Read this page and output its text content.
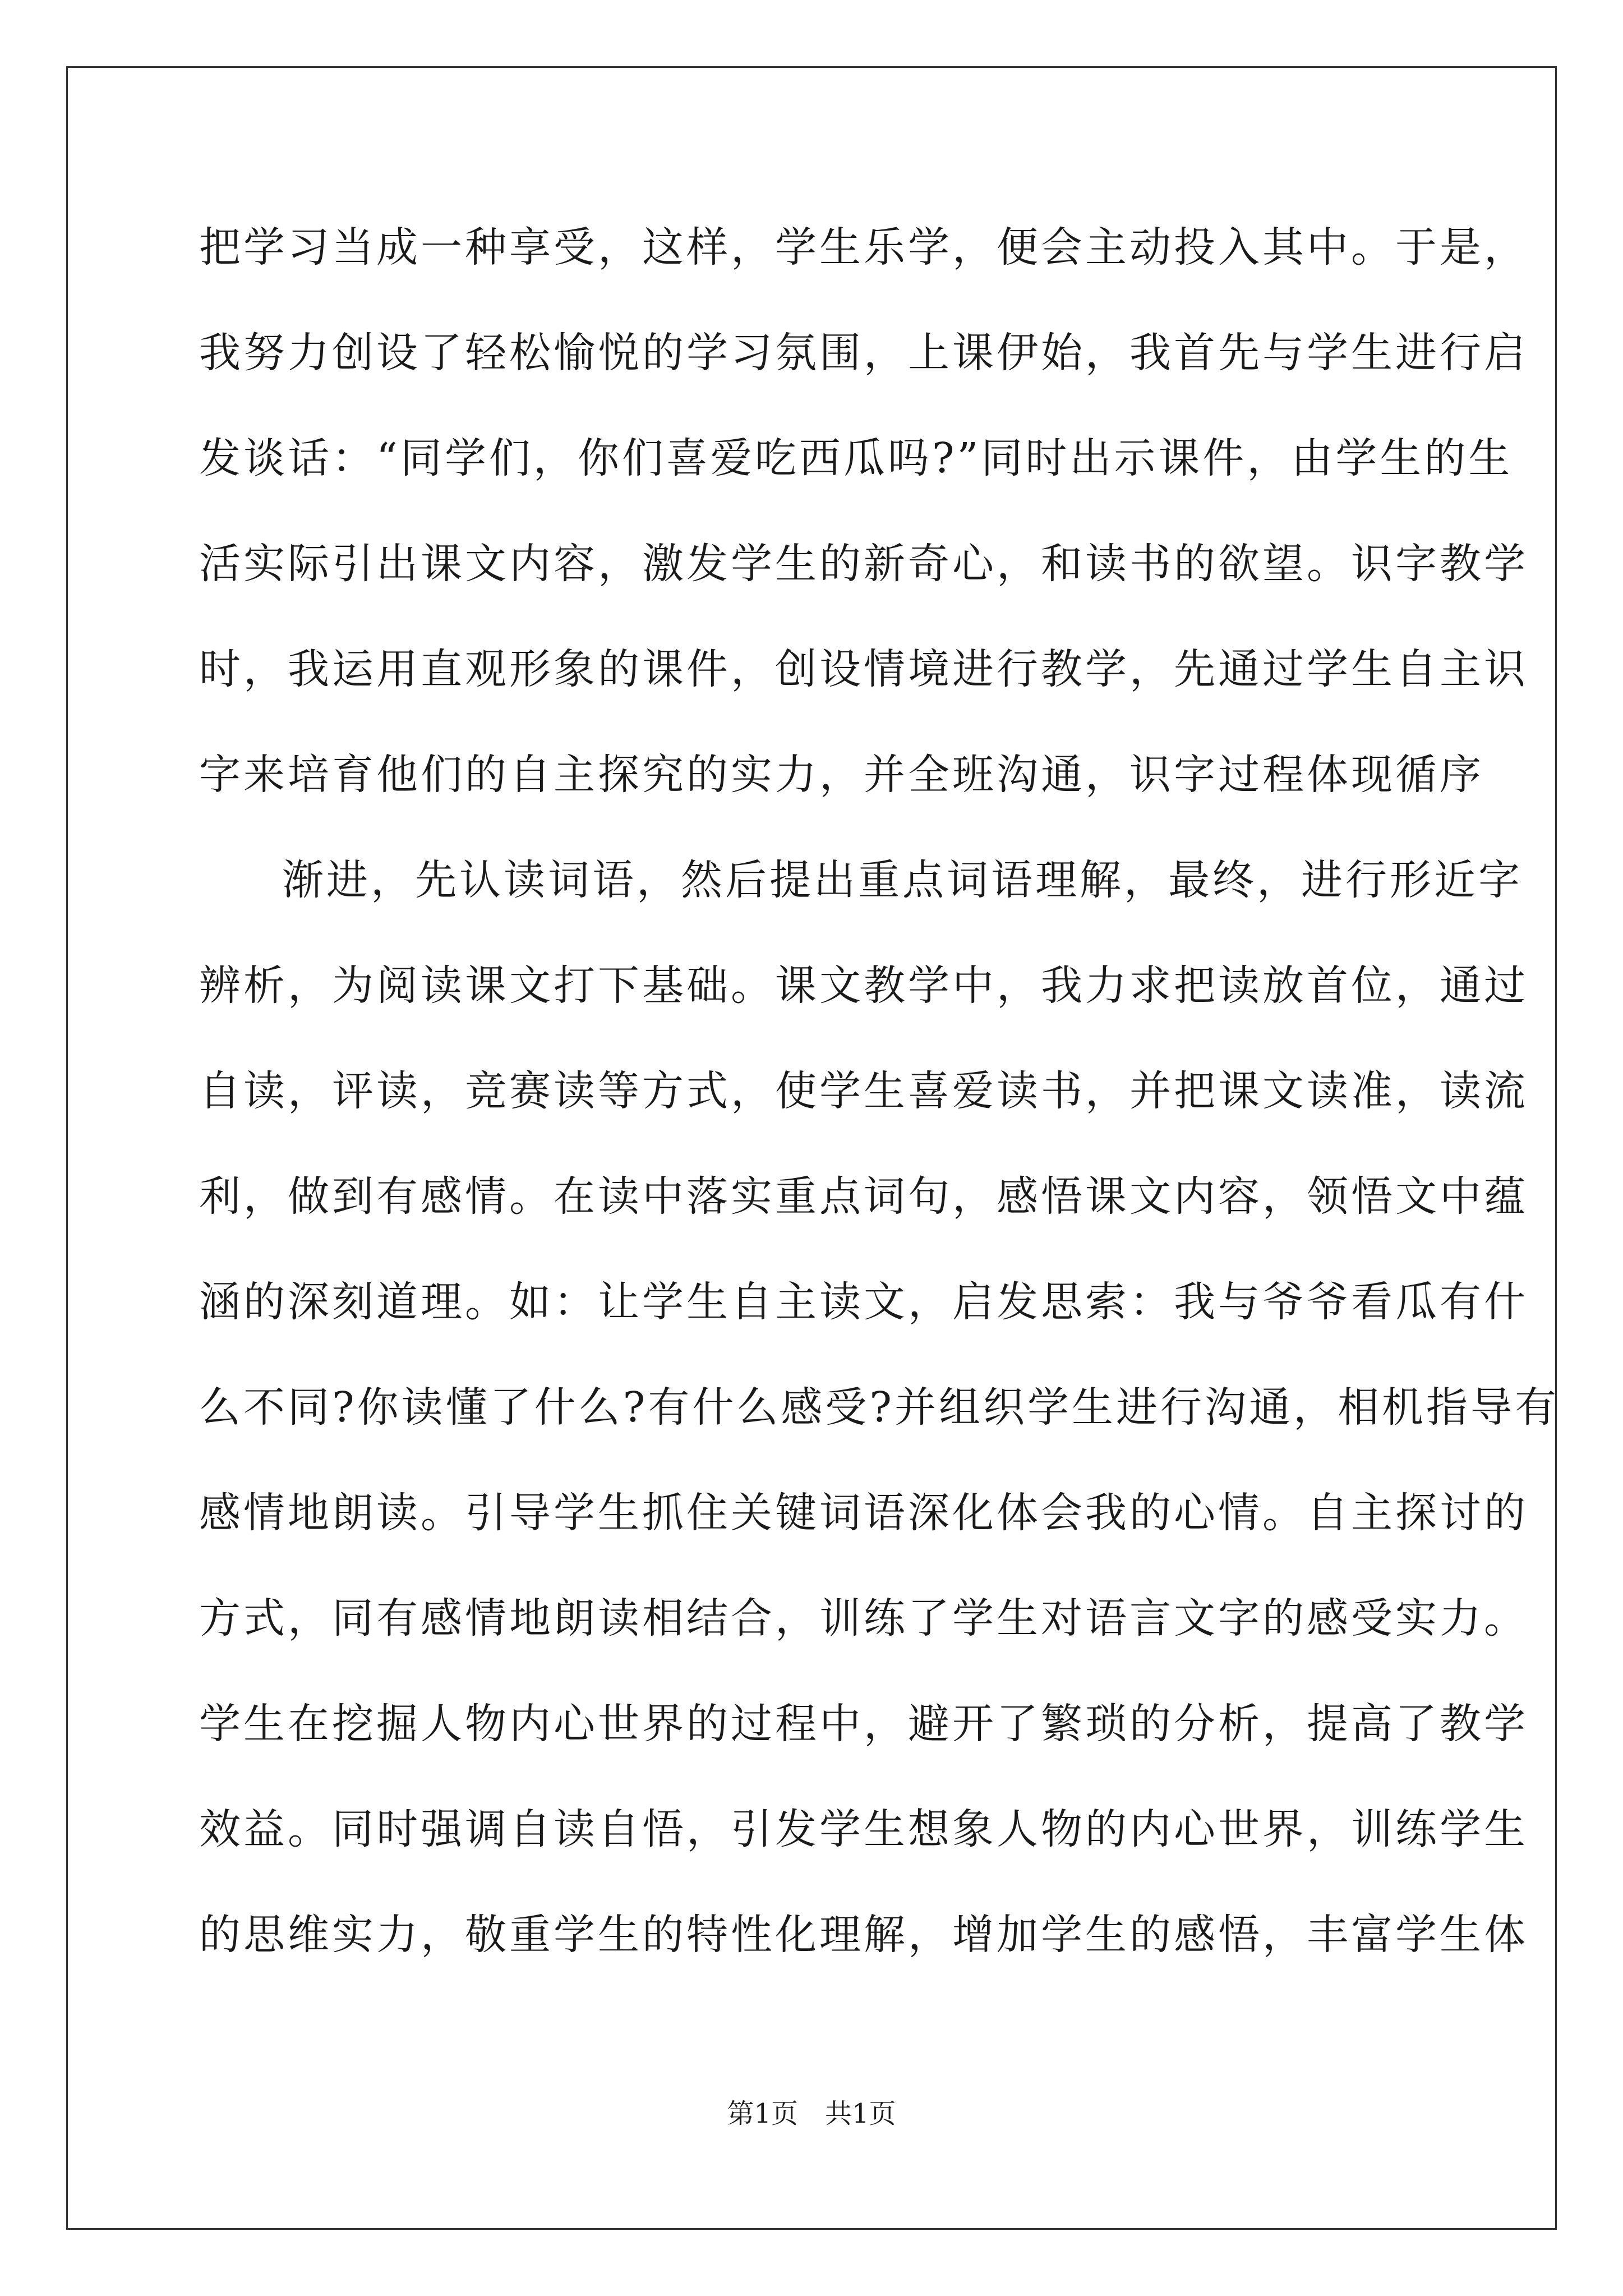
把学习当成一种享受，这样，学生乐学，便会主动投入其中。于是，
我努力创设了轻松愉悦的学习氛围，上课伊始，我首先与学生进行启
发谈话：“同学们，你们喜爱吃西瓜吗?”同时出示课件，由学生的生
活实际引出课文内容，激发学生的新奇心，和读书的欲望。识字教学
时，我运用直观形象的课件，创设情境进行教学，先通过学生自主识
字来培育他们的自主探究的实力，并全班沟通，识字过程体现循序
渐进，先认读词语，然后提出重点词语理解，最终，进行形近字
辨析，为阅读课文打下基础。课文教学中，我力求把读放首位，通过
自读，评读，竞赛读等方式，使学生喜爱读书，并把课文读准，读流
利，做到有感情。在读中落实重点词句，感悟课文内容，领悟文中蕴
涵的深刻道理。如：让学生自主读文，启发思索：我与爷爷看瓜有什
么不同?你读懂了什么?有什么感受?并组织学生进行沟通，相机指导有
感情地朗读。引导学生抓住关键词语深化体会我的心情。自主探讨的
方式，同有感情地朗读相结合，训练了学生对语言文字的感受实力。
学生在挖掘人物内心世界的过程中，避开了繁琐的分析，提高了教学
效益。同时强调自读自悟，引发学生想象人物的内心世界，训练学生
的思维实力，敬重学生的特性化理解，增加学生的感悟，丰富学生体
第1页 共1页
